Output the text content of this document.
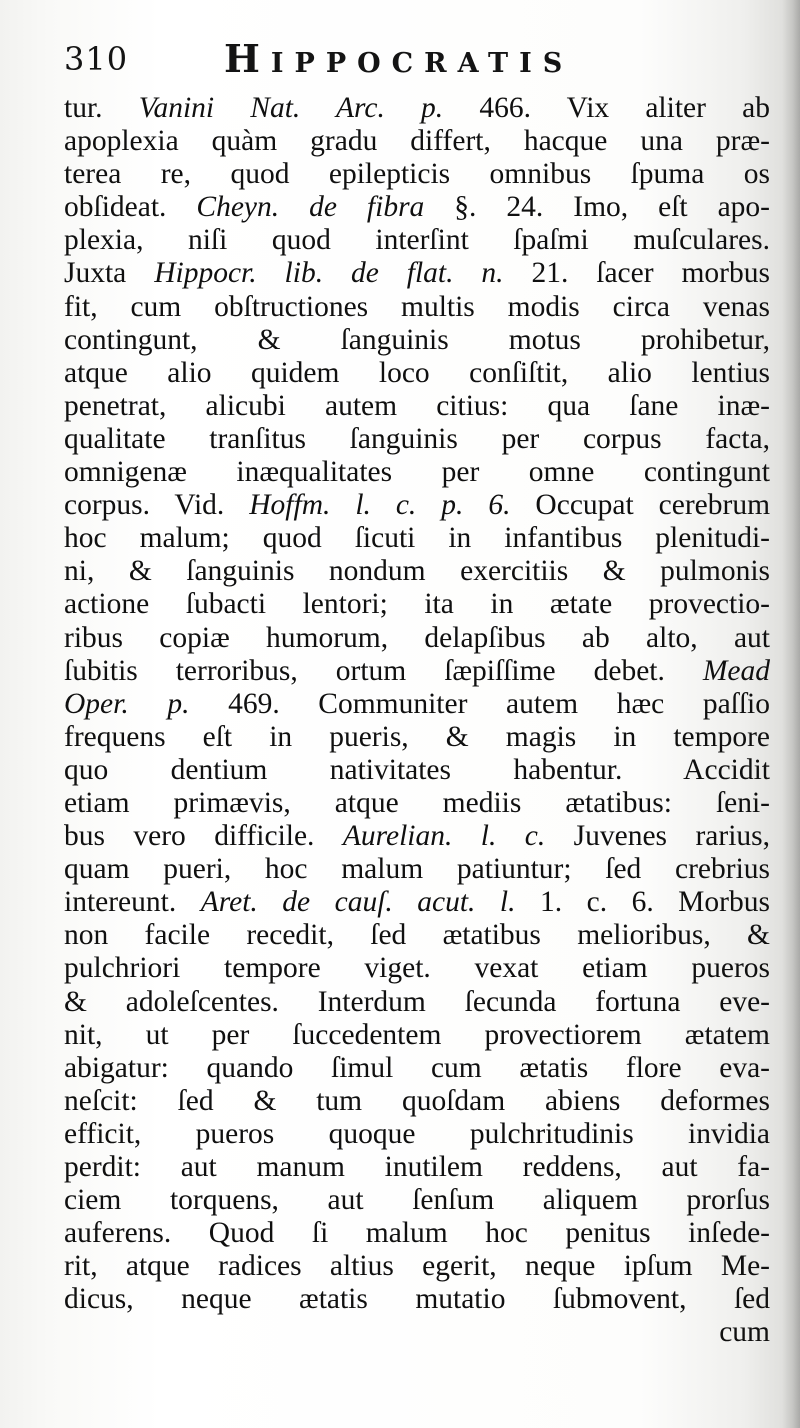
310	Hippocratis
tur. Vanini Nat. Arc. p. 466. Vix aliter ab
apoplexia quàm gradu differt, hacque una præ-
terea re, quod epilepticis omnibus ſpuma os
obſideat. Cheyn. de fibra §. 24. Imo, eſt apo-
plexia, niſi quod interſint ſpaſmi muſculares.
Juxta Hippocr. lib. de flat. n. 21. ſacer morbus
fit, cum obſtructiones multis modis circa venas
contingunt, & ſanguinis motus prohibetur,
atque alio quidem loco conſiſtit, alio lentius
penetrat, alicubi autem citius: qua ſane inæ-
qualitate tranſitus ſanguinis per corpus facta,
omnigenæ inæqualitates per omne contingunt
corpus. Vid. Hoffm. l. c. p. 6. Occupat cerebrum
hoc malum; quod ſicuti in infantibus plenitudi-
ni, & ſanguinis nondum exercitiis & pulmonis
actione ſubacti lentori; ita in ætate provectio-
ribus copiæ humorum, delapſibus ab alto, aut
ſubitis terroribus, ortum ſæpiſſime debet. Mead
Oper. p. 469. Communiter autem hæc paſſio
frequens eſt in pueris, & magis in tempore
quo dentium nativitates habentur. Accidit
etiam primævis, atque mediis ætatibus: ſeni-
bus vero difficile. Aurelian. l. c. Juvenes rarius,
quam pueri, hoc malum patiuntur; ſed crebrius
intereunt. Aret. de cauſ. acut. l. 1. c. 6. Morbus
non facile recedit, ſed ætatibus melioribus, &
pulchriori tempore viget. vexat etiam pueros
& adoleſcentes. Interdum ſecunda fortuna eve-
nit, ut per ſuccedentem provectiorem ætatem
abigatur: quando ſimul cum ætatis flore eva-
neſcit: ſed & tum quoſdam abiens deformes
efficit, pueros quoque pulchritudinis invidia
perdit: aut manum inutilem reddens, aut fa-
ciem torquens, aut ſenſum aliquem prorſus
auferens. Quod ſi malum hoc penitus inſede-
rit, atque radices altius egerit, neque ipſum Me-
dicus, neque ætatis mutatio ſubmovent, ſed
cum
